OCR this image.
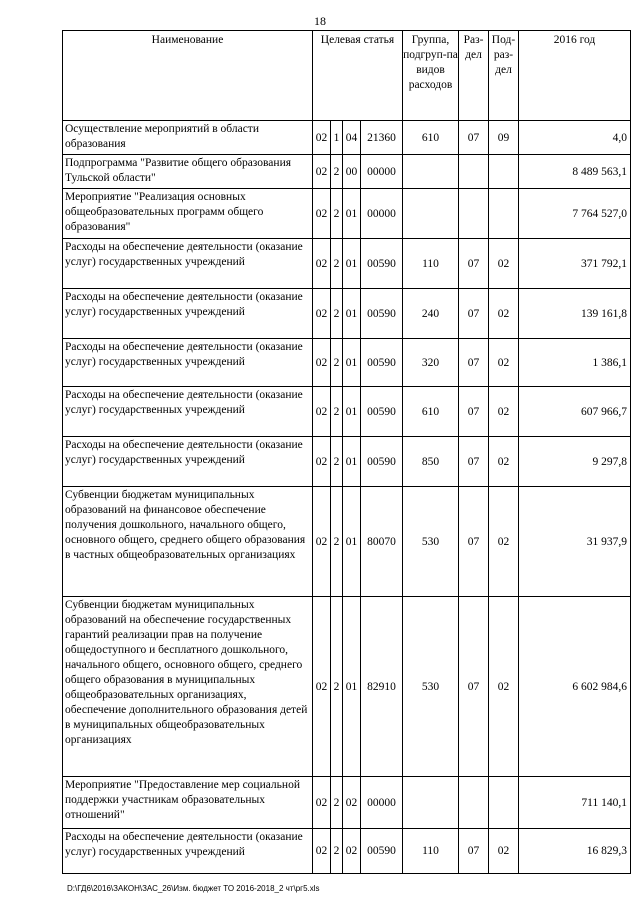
18
Наименование	Целевая статья				Группа, подгруп-па видов расходов	Раз-дел	Под-раз-дел	2016 год
Осуществление мероприятий в области образования	02	1	04	21360	610	07	09	4,0
Подпрограмма "Развитие общего образования Тульской области"	02	2	00	00000				8 489 563,1
Мероприятие "Реализация основных общеобразовательных программ общего образования"	02	2	01	00000				7 764 527,0
Расходы на обеспечение деятельности (оказание услуг) государственных учреждений	02	2	01	00590	110	07	02	371 792,1
Расходы на обеспечение деятельности (оказание услуг) государственных учреждений	02	2	01	00590	240	07	02	139 161,8
Расходы на обеспечение деятельности (оказание услуг) государственных учреждений	02	2	01	00590	320	07	02	1 386,1
Расходы на обеспечение деятельности (оказание услуг) государственных учреждений	02	2	01	00590	610	07	02	607 966,7
Расходы на обеспечение деятельности (оказание услуг) государственных учреждений	02	2	01	00590	850	07	02	9 297,8
Субвенции бюджетам муниципальных образований на финансовое обеспечение получения дошкольного, начального общего, основного общего, среднего общего образования в частных общеобразовательных организациях	02	2	01	80070	530	07	02	31 937,9
Субвенции бюджетам муниципальных образований на обеспечение государственных гарантий реализации прав на получение общедоступного и бесплатного дошкольного, начального общего, основного общего, среднего общего образования в муниципальных общеобразовательных организациях, обеспечение дополнительного образования детей в муниципальных общеобразовательных организациях	02	2	01	82910	530	07	02	6 602 984,6
Мероприятие "Предоставление мер социальной поддержки участникам образовательных отношений"	02	2	02	00000				711 140,1
Расходы на обеспечение деятельности (оказание услуг) государственных учреждений	02	2	02	00590	110	07	02	16 829,3
D:\ГД6\2016\ЗАКОН\ЗАС_26\Изм. бюджет ТО 2016-2018_2 чт\рг5.xls
